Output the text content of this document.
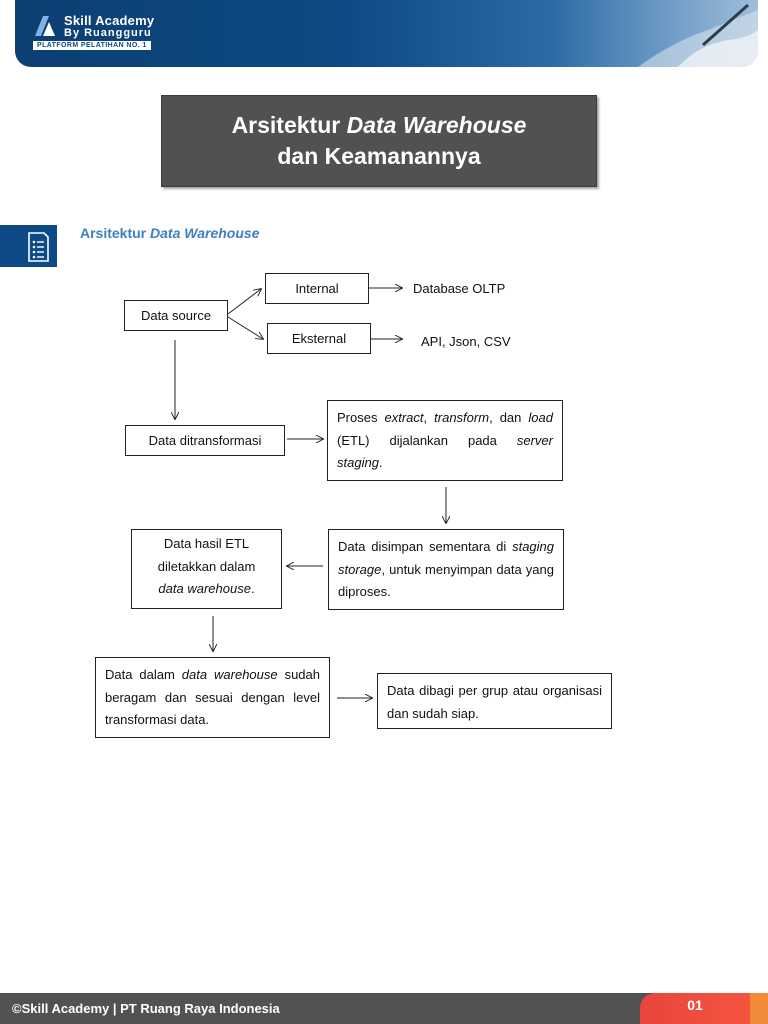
Skill Academy
By Ruangguru
PLATFORM PELATIHAN NO. 1
Arsitektur Data Warehouse
dan Keamanannya
Arsitektur Data Warehouse
Data source
Internal
Eksternal
Database OLTP
API, Json, CSV
Data ditransformasi
Proses extract, transform, dan load (ETL) dijalankan pada server staging.
Data disimpan sementara di staging storage, untuk menyimpan data yang diproses.
Data hasil ETL
diletakkan dalam
data warehouse.
Data dalam data warehouse sudah beragam dan sesuai dengan level transformasi data.
Data dibagi per grup atau organisasi dan sudah siap.
©Skill Academy | PT Ruang Raya Indonesia	01
